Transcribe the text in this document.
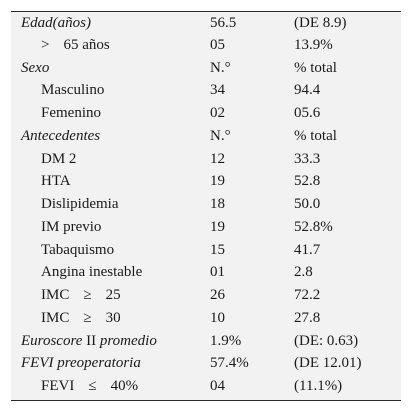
Edad(años)	56.5	(DE 8.9)
> 65 años	05	13.9%
Sexo	N.°	% total
Masculino	34	94.4
Femenino	02	05.6
Antecedentes	N.°	% total
DM 2	12	33.3
HTA	19	52.8
Dislipidemia	18	50.0
IM previo	19	52.8%
Tabaquismo	15	41.7
Angina inestable	01	2.8
IMC ≥ 25	26	72.2
IMC ≥ 30	10	27.8
Euroscore II promedio	1.9%	(DE: 0.63)
FEVI preoperatoria	57.4%	(DE 12.01)
FEVI ≤ 40%	04	(11.1%)
